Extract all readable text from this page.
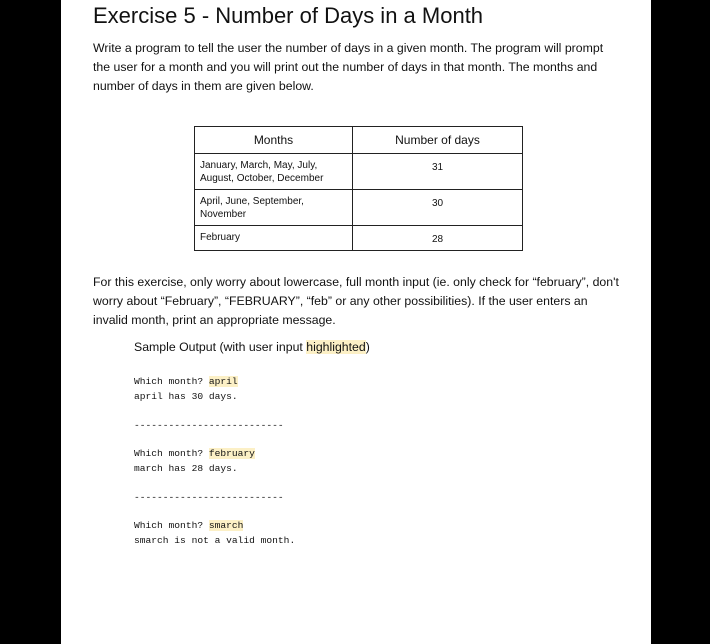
Exercise 5 - Number of Days in a Month

Write a program to tell the user the number of days in a given month. The program will prompt the user for a month and you will print out the number of days in that month. The months and number of days in them are given below.

Months	Number of days
January, March, May, July, August, October, December	31
April, June, September, November	30
February	28

For this exercise, only worry about lowercase, full month input (ie. only check for “february”, don't worry about “February”, “FEBRUARY”, “feb” or any other possibilities). If the user enters an invalid month, print an appropriate message.

Sample Output (with user input highlighted)

Which month? april
april has 30 days.
--------------------------
Which month? february
march has 28 days.
--------------------------
Which month? smarch
smarch is not a valid month.
